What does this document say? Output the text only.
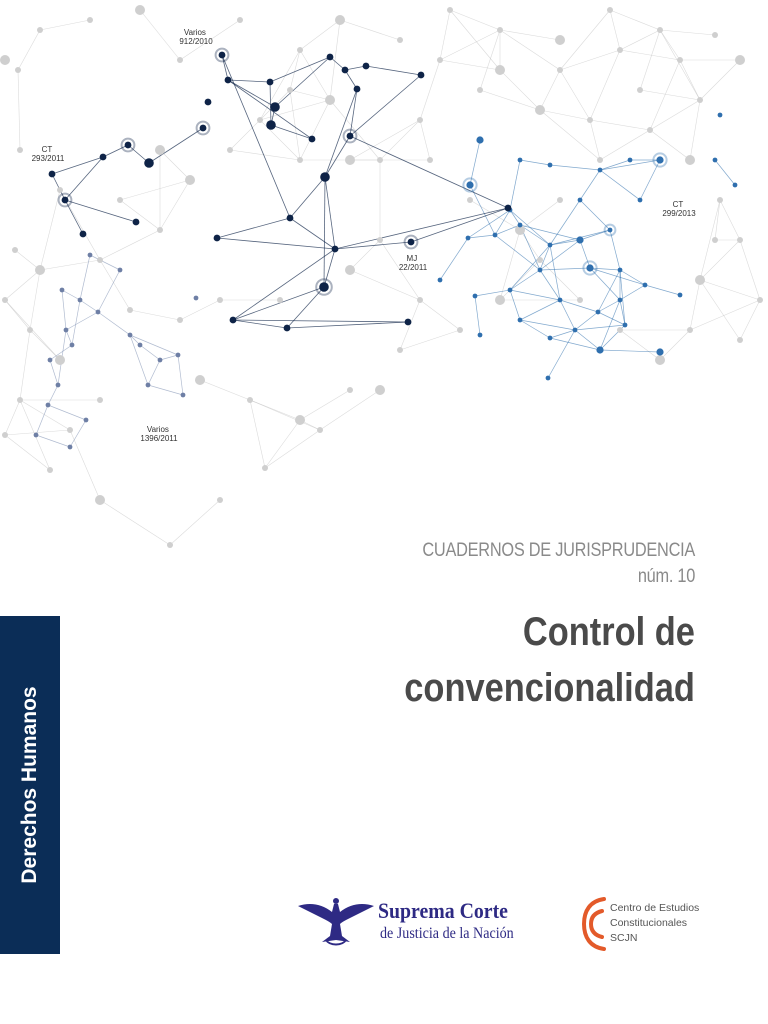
Varios 912/2010
CT 293/2011
MJ 22/2011
CT 299/2013
Varios 1396/2011
CUADERNOS DE JURISPRUDENCIA
núm. 10
Control de
convencionalidad
Derechos Humanos
Suprema Corte
de Justicia de la Nación
Centro de Estudios
Constitucionales
SCJN
